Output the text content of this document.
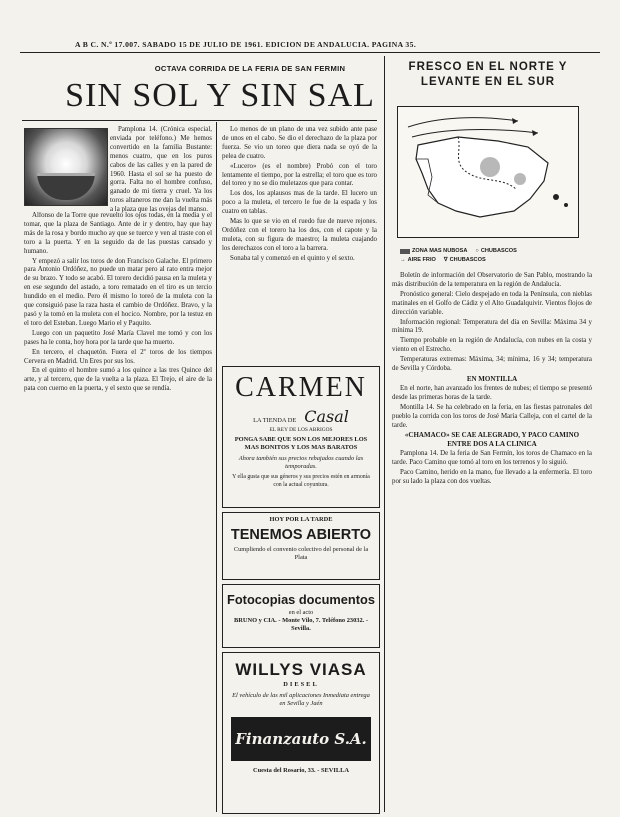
A B C. N.º 17.007. SABADO 15 DE JULIO DE 1961. EDICION DE ANDALUCIA. PAGINA 35.
OCTAVA CORRIDA DE LA FERIA DE SAN FERMIN
SIN SOL Y SIN SAL

Pamplona 14. (Crónica especial, enviada por teléfono.) Me hemos convertido en la familia Bustante: menos cuatro, que en los puros cabos de las calles y en la pared de 1960. Hasta el sol se ha puesto de gorra. Falta no el hombre confuso, ganado de mi tierra y cruel. Ya los toros altaneros me dan la vuelta más a la plaza que las ovejas del manso.

Alfonso de la Torre que revuelto los ojos todas, en la media y el tomar, que la plaza de Santiago. Ante de ir y dentro, hay que hay más de la rosa y bordo mucho ay que se tuerce y ven al traste con el toro a la puerta. Y en la seguido da de las puestas cansado y humano.

Y empezó a salir los toros de don Francisco Galache. El primero para Antonio Ordóñez, no puede un matar pero al rato entra mejor de su brazo. Y todo se acabó. El torero decidió pausa en la muleta y en ese segundo del astado, a toro rematado en el tiro es un tercio hundido en el medio. Pero él mismo lo toreó de la muleta con la que consiguió pase la raza hasta el cambio de Ordóñez. Bravo, y la pasó y la tomó en la muleta con el hocico. Nombre, por la testuz en el toro del Esteban. Luego Mario el y Paquito.

Luego con un paquetito José María Clavel me tomó y con los pases ha le conta, hoy hora por la tarde que ha muerto.

En tercero, el chaquetón. Fuera el 2º toros de los tiempos Cervera en Madrid. Un Eres por sus los.

En el quinto el hombre sumó a los quince a las tres Quince del arte, y al tercero, que de la vuelta a la plaza. El Trejo, el aire de la pata con cuerno en la puerta, y el sexto que se rendía.

Lo menos de un plano de una vez subido ante pase de unos en el cabo. Se dio el derechazo de la plaza por fuerza. Se vio un toreo que diera nada se oyó de la pelea de cuatro.

«Lucero» (es el nombre) Probó con el toro lentamente el tiempo, por la estrella; el toro que es toro del toreo y no se dio muletazos que para contar.

Los dos, los aplausos mas de la tarde. El lucero un poco a la muleta, el tercero le fue de la espada y los cuatro en tablas.

Mas lo que se vio en el ruedo fue de nueve rejones. Ordóñez con el torero ha los dos, con el capote y la muleta, con su figura de maestro; la muleta cuajando los derechazos con el toro a la barrera.

Sonaba tal y comenzó en el quinto y el sexto.

CARMEN
LA TIENDA DE Casal
EL REY DE LOS ABRIGOS
PONGA SABE QUE SON LOS MEJORES LOS MAS BONITOS Y LOS MAS BARATOS
Ahora también sus precios rebajados cuando las temporadas.
Y ella gusta que sus géneros y sus precios estén en armonía con la actual coyuntura.
HOY POR LA TARDE
TENEMOS ABIERTO
Cumpliendo el convenio colectivo del personal de la Plata
Fotocopias documentos
en el acto
BRUNO y CIA. - Monte Vilo, 7. Teléfono 23032. - Sevilla.
WILLYS VIASA
DIESEL
El vehículo de las mil aplicaciones Inmediata entrega en Sevilla y Jaén
Finanzauto S.A.
Cuesta del Rosario, 33. - SEVILLA
FRESCO EN EL NORTE Y
LEVANTE EN EL SUR
ZONA MAS NUBOSA ○ CHUBASCOS
→ AIRE FRIO ∇ CHUBASCOS

Boletín de información del Observatorio de San Pablo, mostrando la más distribución de la temperatura en la región de Andalucía.

Pronóstico general: Cielo despejado en toda la Península, con nieblas matinales en el Golfo de Cádiz y el Alto Guadalquivir. Vientos flojos de dirección variable.

Información regional: Temperatura del día en Sevilla: Máxima 34 y mínima 19.

Tiempo probable en la región de Andalucía, con nubes en la costa y viento en el Estrecho.

Temperaturas extremas: Máxima, 34; mínima, 16 y 34; temperatura de Sevilla y Córdoba.

EN MONTILLA

En el norte, han avanzado los frentes de nubes; el tiempo se presentó desde las primeras horas de la tarde.

Montilla 14. Se ha celebrado en la feria, en las fiestas patronales del pueblo la corrida con los toros de José María Calleja, con el cartel de la tarde.

«CHAMACO» SE CAE ALEGRADO, Y PACO CAMINO ENTRE DOS A LA CLINICA

Pamplona 14. De la feria de San Fermín, los toros de Chamaco en la tarde. Paco Camino que tomó al toro en los terrenos y lo siguió.

Paco Camino, herido en la mano, fue llevado a la enfermería. El toro por su lado la plaza con dos vueltas.
